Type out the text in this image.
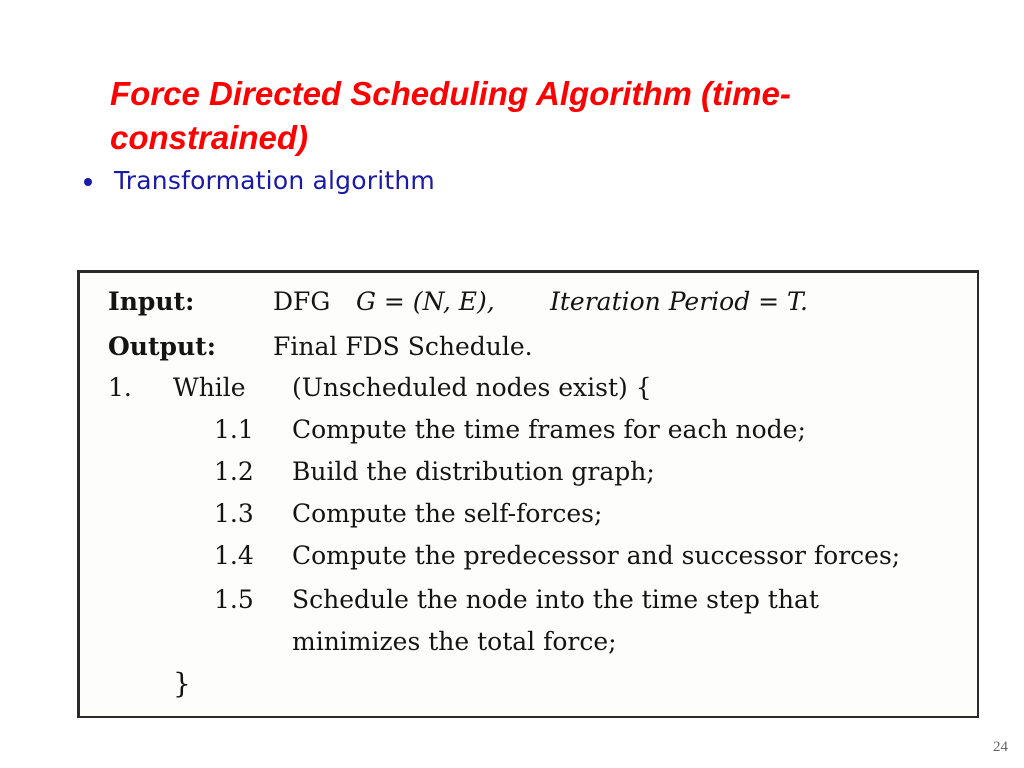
Force Directed Scheduling Algorithm (time-constrained)
Transformation algorithm
Input:	DFG G = (N, E), Iteration Period = T.
Output: Final FDS Schedule.
1. While (Unscheduled nodes exist) {
1.1 Compute the time frames for each node;
1.2 Build the distribution graph;
1.3 Compute the self-forces;
1.4 Compute the predecessor and successor forces;
1.5 Schedule the node into the time step that
minimizes the total force;
}
24
